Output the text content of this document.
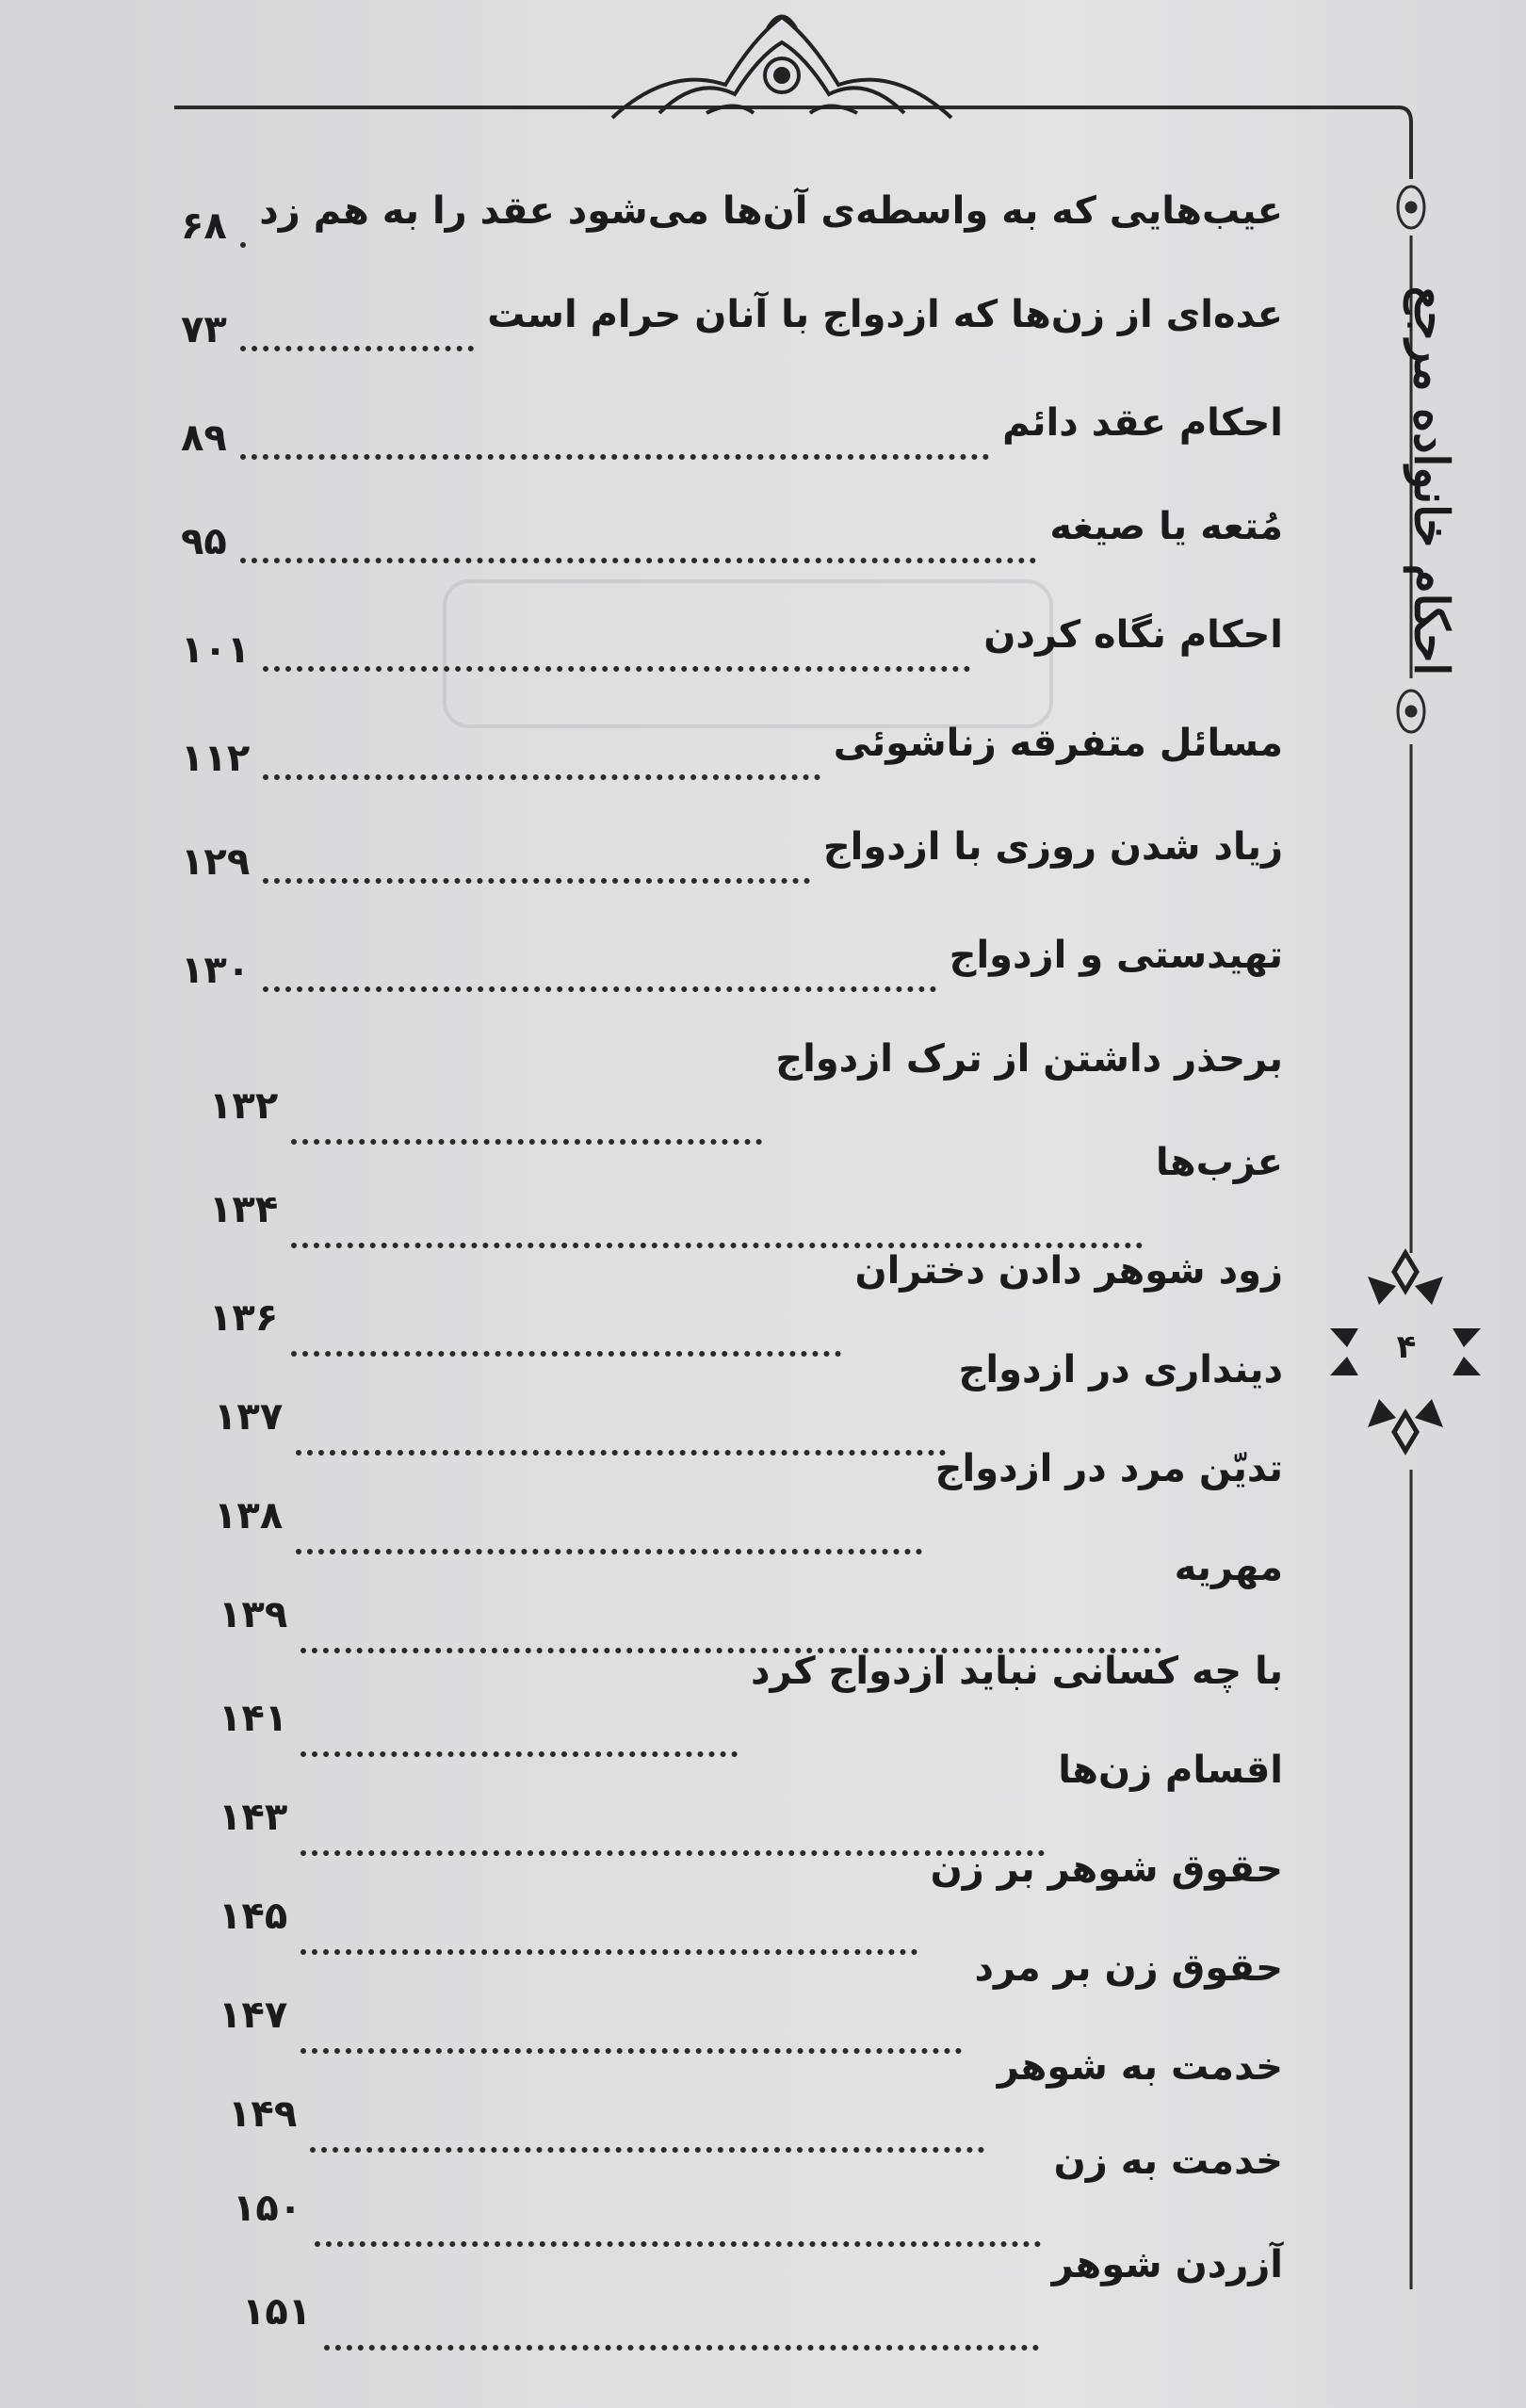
احکام خانواده مرجع
۴
عیب‌هایی که به واسطه‌ی آن‌ها می‌شود عقد را به هم زد
۶۸
عده‌ای از زن‌ها که ازدواج با آنان حرام است
۷۳
احکام عقد دائم
۸۹
مُتعه یا صیغه
۹۵
احکام نگاه کردن
۱۰۱
مسائل متفرقه زناشوئی
۱۱۲
زیاد شدن روزی با ازدواج
۱۲۹
تهیدستی و ازدواج
۱۳۰
برحذر داشتن از ترک ازدواج
۱۳۲
عزب‌ها
۱۳۴
زود شوهر دادن دختران
۱۳۶
دینداری در ازدواج
۱۳۷
تديّن مرد در ازدواج
۱۳۸
مهریه
۱۳۹
با چه کسانی نباید ازدواج کرد
۱۴۱
اقسام زن‌ها
۱۴۳
حقوق شوهر بر زن
۱۴۵
حقوق زن بر مرد
۱۴۷
خدمت به شوهر
۱۴۹
خدمت به زن
۱۵۰
آزردن شوهر
۱۵۱
